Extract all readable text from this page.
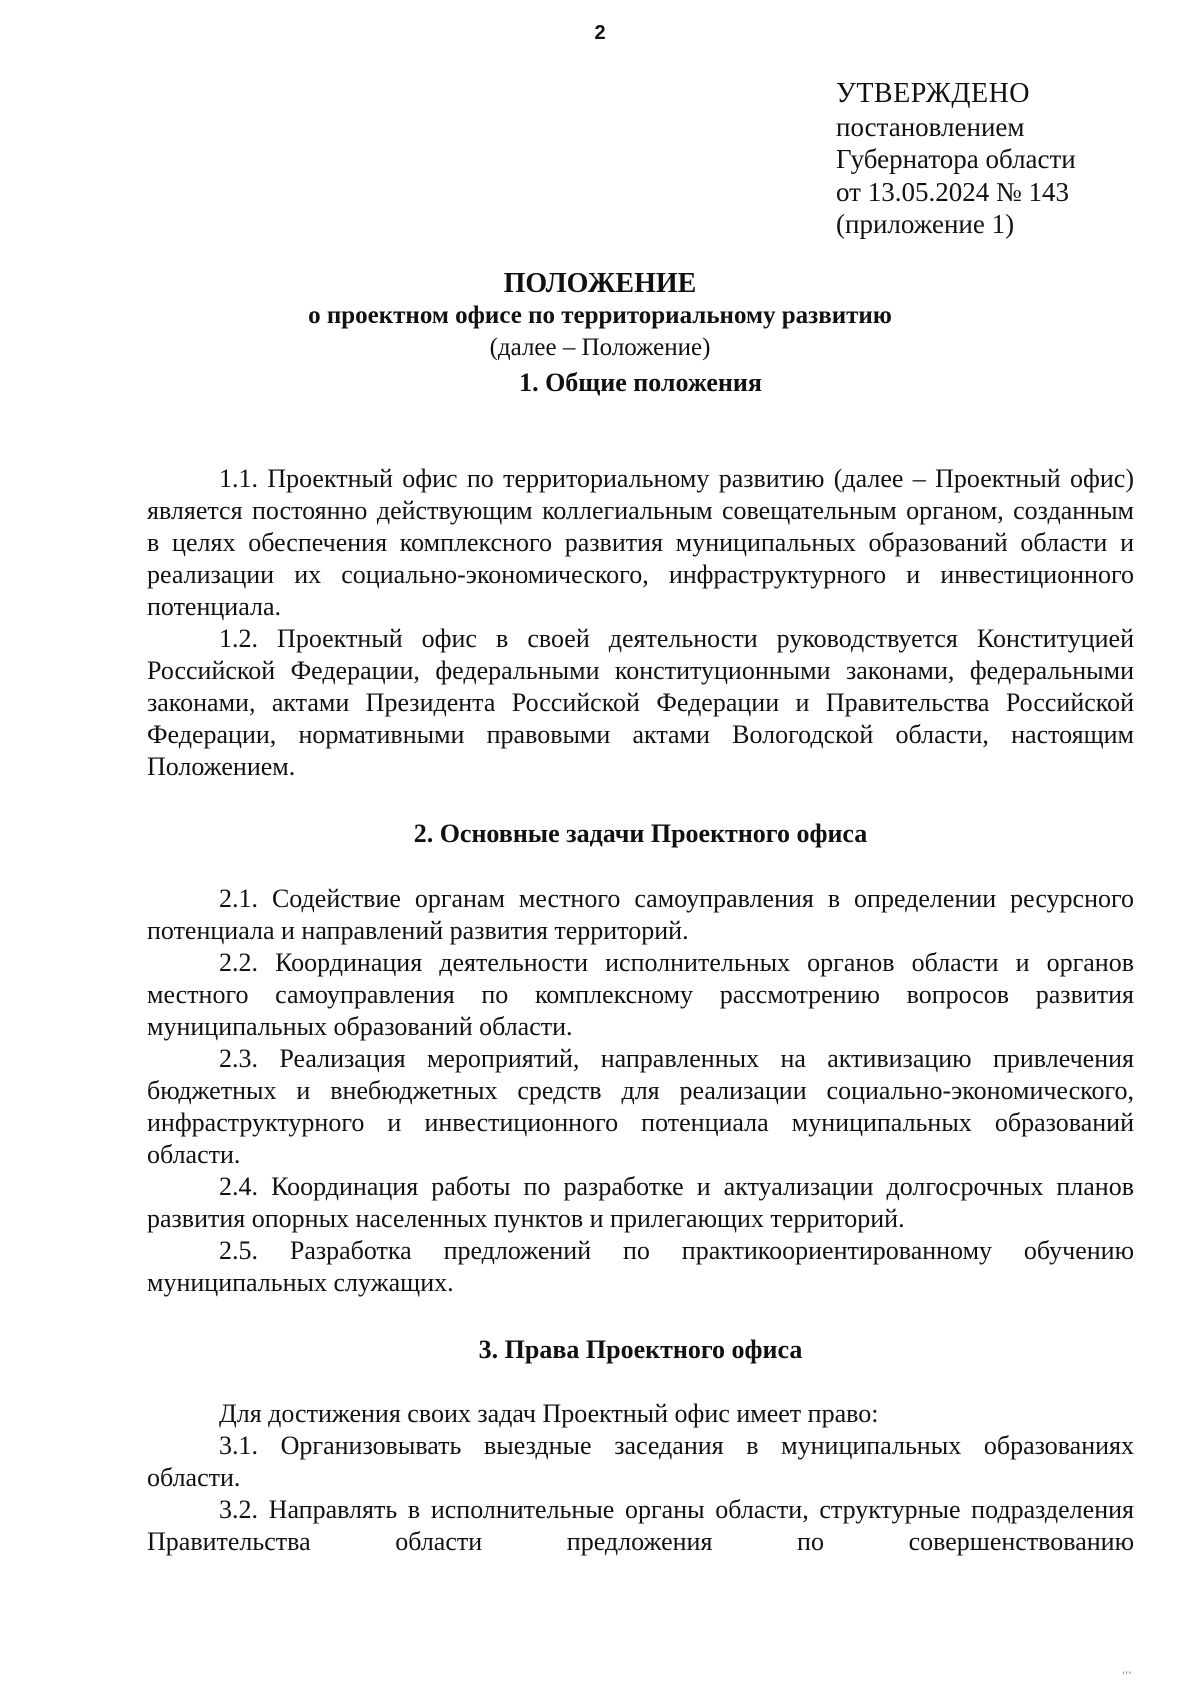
2
УТВЕРЖДЕНО
постановлением
Губернатора области
от 13.05.2024 № 143
(приложение 1)
ПОЛОЖЕНИЕ
о проектном офисе по территориальному развитию
(далее – Положение)

1. Общие положения

1.1. Проектный офис по территориальному развитию (далее – Проектный офис) является постоянно действующим коллегиальным совещательным органом, созданным в целях обеспечения комплексного развития муниципальных образований области и реализации их социально-экономического, инфраструктурного и инвестиционного потенциала.

1.2. Проектный офис в своей деятельности руководствуется Конституцией Российской Федерации, федеральными конституционными законами, федеральными законами, актами Президента Российской Федерации и Правительства Российской Федерации, нормативными правовыми актами Вологодской области, настоящим Положением.

2. Основные задачи Проектного офиса

2.1. Содействие органам местного самоуправления в определении ресурсного потенциала и направлений развития территорий.

2.2. Координация деятельности исполнительных органов области и органов местного самоуправления по комплексному рассмотрению вопросов развития муниципальных образований области.

2.3. Реализация мероприятий, направленных на активизацию привлечения бюджетных и внебюджетных средств для реализации социально-экономического, инфраструктурного и инвестиционного потенциала муниципальных образований области.

2.4. Координация работы по разработке и актуализации долгосрочных планов развития опорных населенных пунктов и прилегающих территорий.

2.5. Разработка предложений по практикоориентированному обучению муниципальных служащих.

3. Права Проектного офиса

Для достижения своих задач Проектный офис имеет право:

3.1. Организовывать выездные заседания в муниципальных образованиях области.

3.2. Направлять в исполнительные органы области, структурные подразделения Правительства области предложения по совершенствованию

'''
